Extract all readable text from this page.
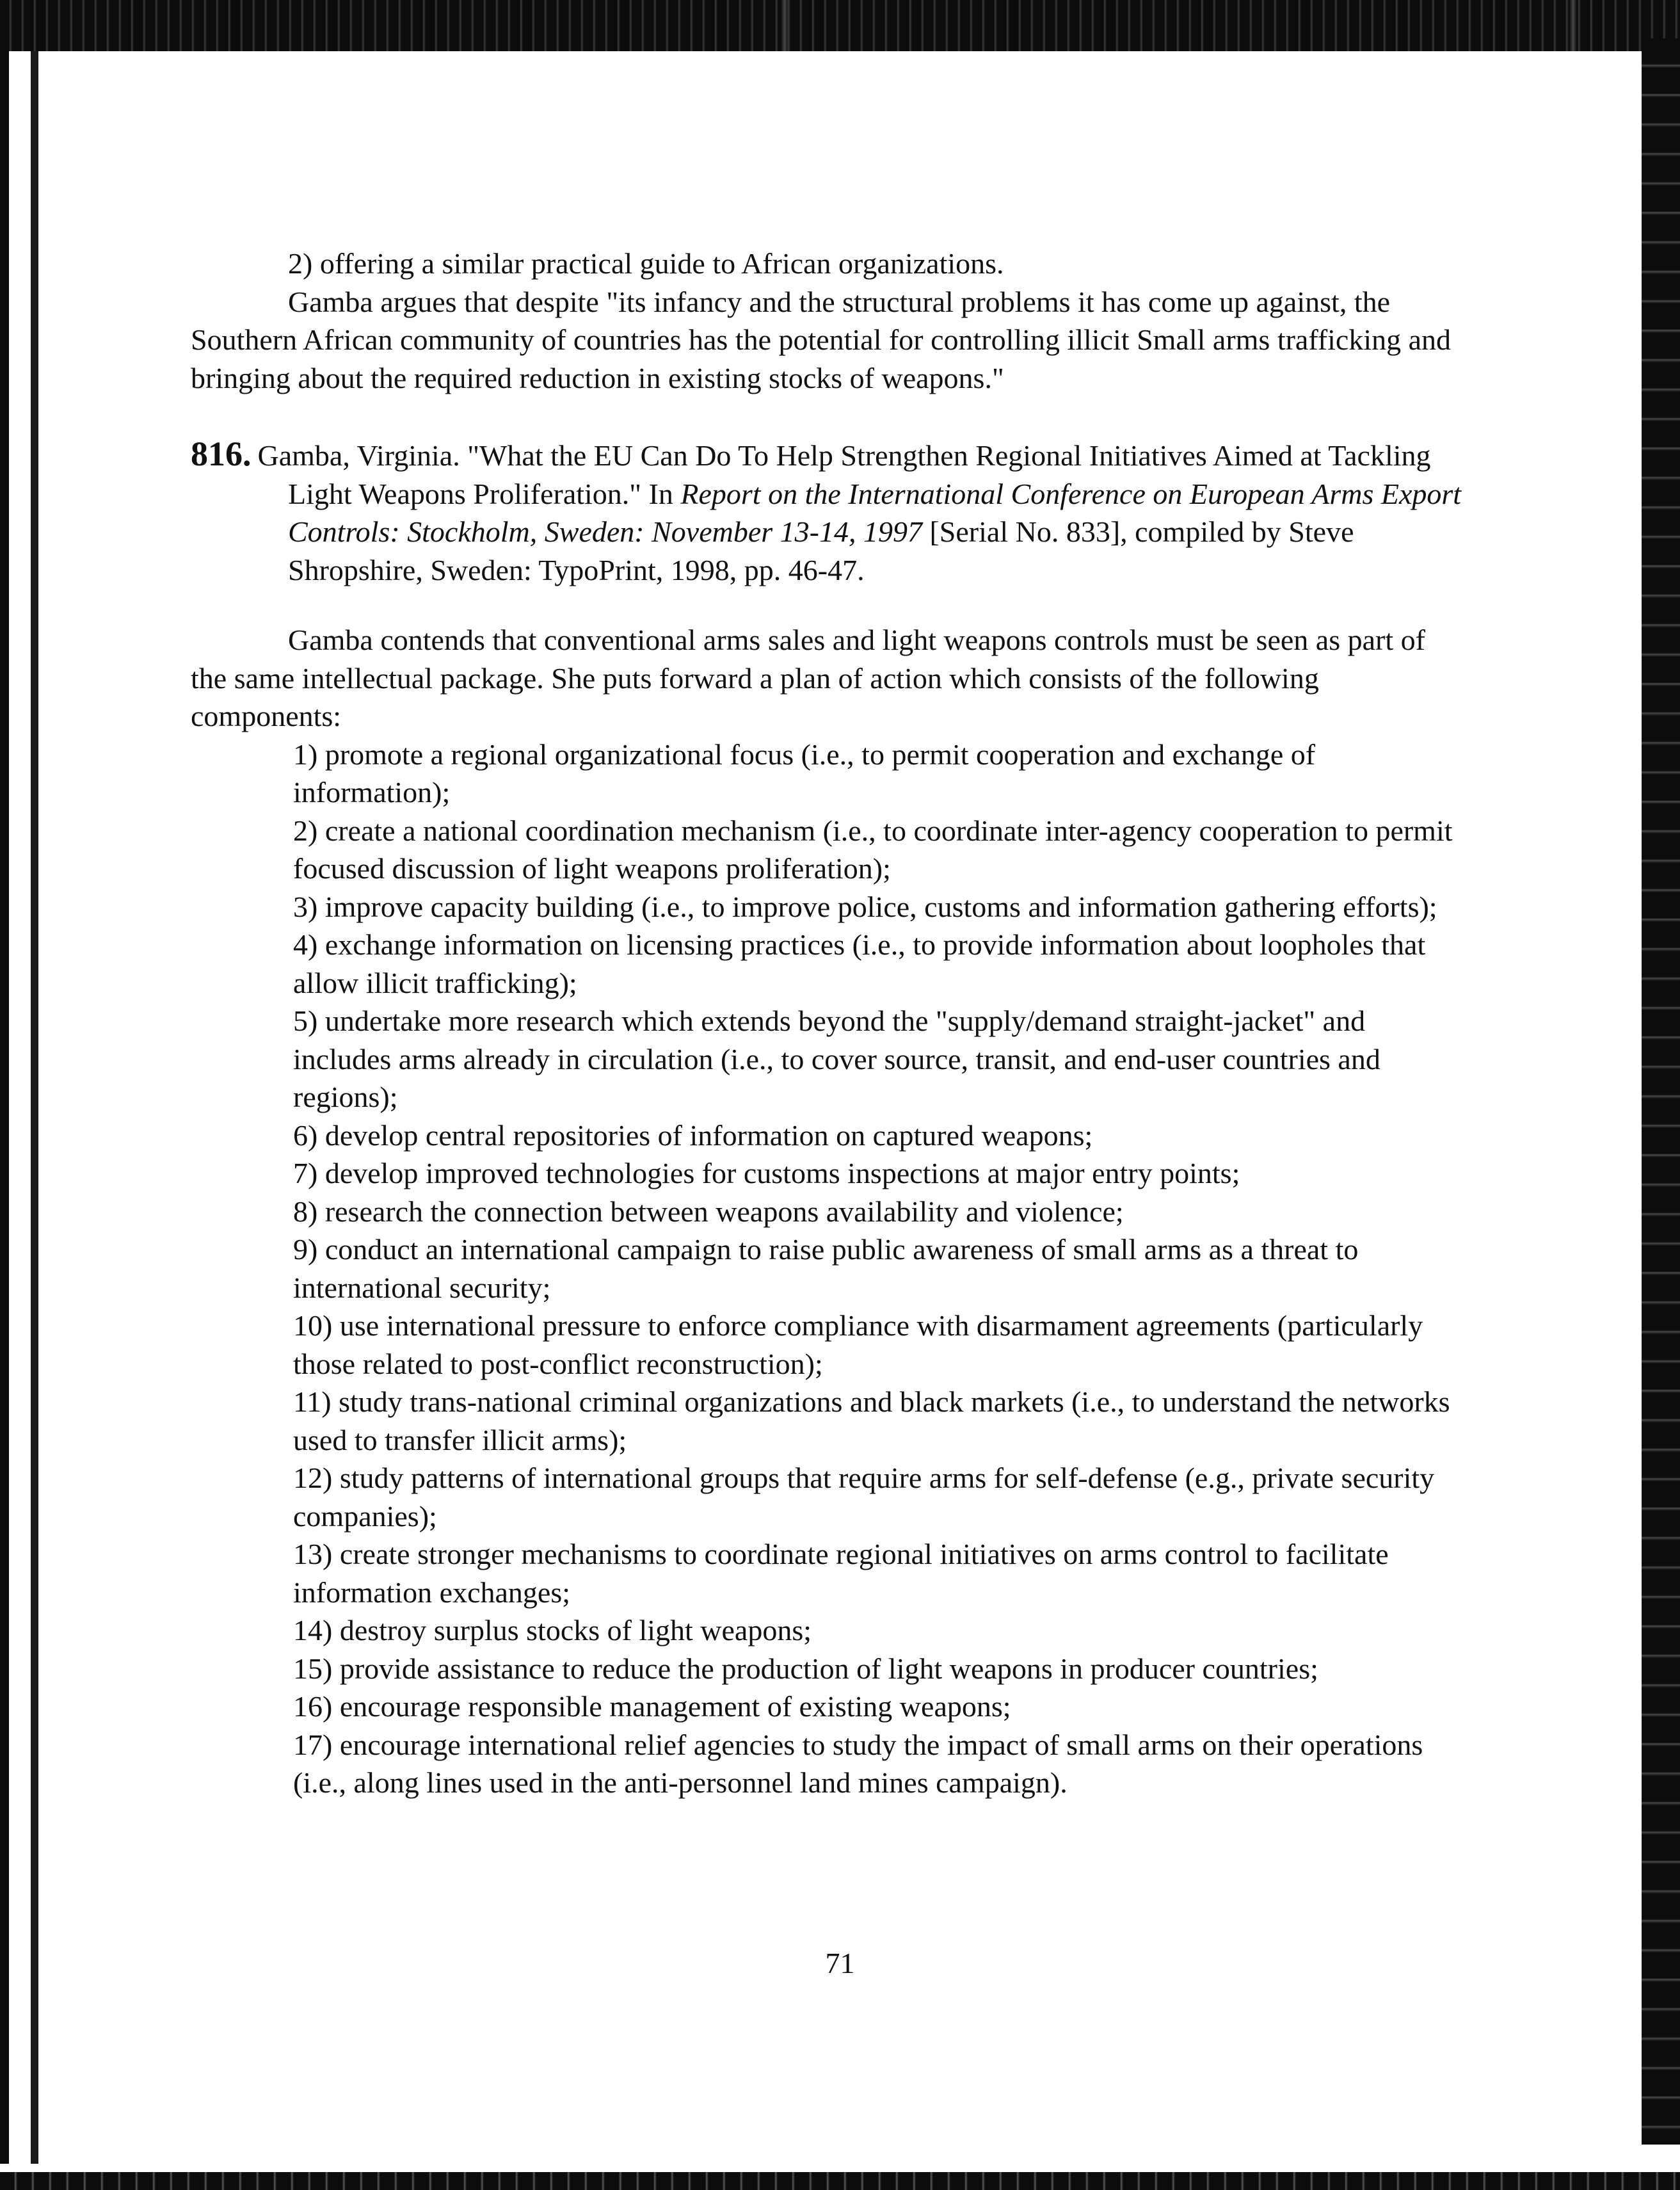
2) offering a similar practical guide to African organizations.

Gamba argues that despite "its infancy and the structural problems it has come up against, the Southern African community of countries has the potential for controlling illicit Small arms trafficking and bringing about the required reduction in existing stocks of weapons."

816. Gamba, Virginia. "What the EU Can Do To Help Strengthen Regional Initiatives Aimed at Tackling Light Weapons Proliferation." In Report on the International Conference on European Arms Export Controls: Stockholm, Sweden: November 13-14, 1997 [Serial No. 833], compiled by Steve Shropshire, Sweden: TypoPrint, 1998, pp. 46-47.

Gamba contends that conventional arms sales and light weapons controls must be seen as part of the same intellectual package. She puts forward a plan of action which consists of the following components:

1) promote a regional organizational focus (i.e., to permit cooperation and exchange of information);

2) create a national coordination mechanism (i.e., to coordinate inter-agency cooperation to permit focused discussion of light weapons proliferation);

3) improve capacity building (i.e., to improve police, customs and information gathering efforts);

4) exchange information on licensing practices (i.e., to provide information about loopholes that allow illicit trafficking);

5) undertake more research which extends beyond the "supply/demand straight-jacket" and includes arms already in circulation (i.e., to cover source, transit, and end-user countries and regions);

6) develop central repositories of information on captured weapons;

7) develop improved technologies for customs inspections at major entry points;

8) research the connection between weapons availability and violence;

9) conduct an international campaign to raise public awareness of small arms as a threat to international security;

10) use international pressure to enforce compliance with disarmament agreements (particularly those related to post-conflict reconstruction);

11) study trans-national criminal organizations and black markets (i.e., to understand the networks used to transfer illicit arms);

12) study patterns of international groups that require arms for self-defense (e.g., private security companies);

13) create stronger mechanisms to coordinate regional initiatives on arms control to facilitate information exchanges;

14) destroy surplus stocks of light weapons;

15) provide assistance to reduce the production of light weapons in producer countries;

16) encourage responsible management of existing weapons;

17) encourage international relief agencies to study the impact of small arms on their operations (i.e., along lines used in the anti-personnel land mines campaign).

71
